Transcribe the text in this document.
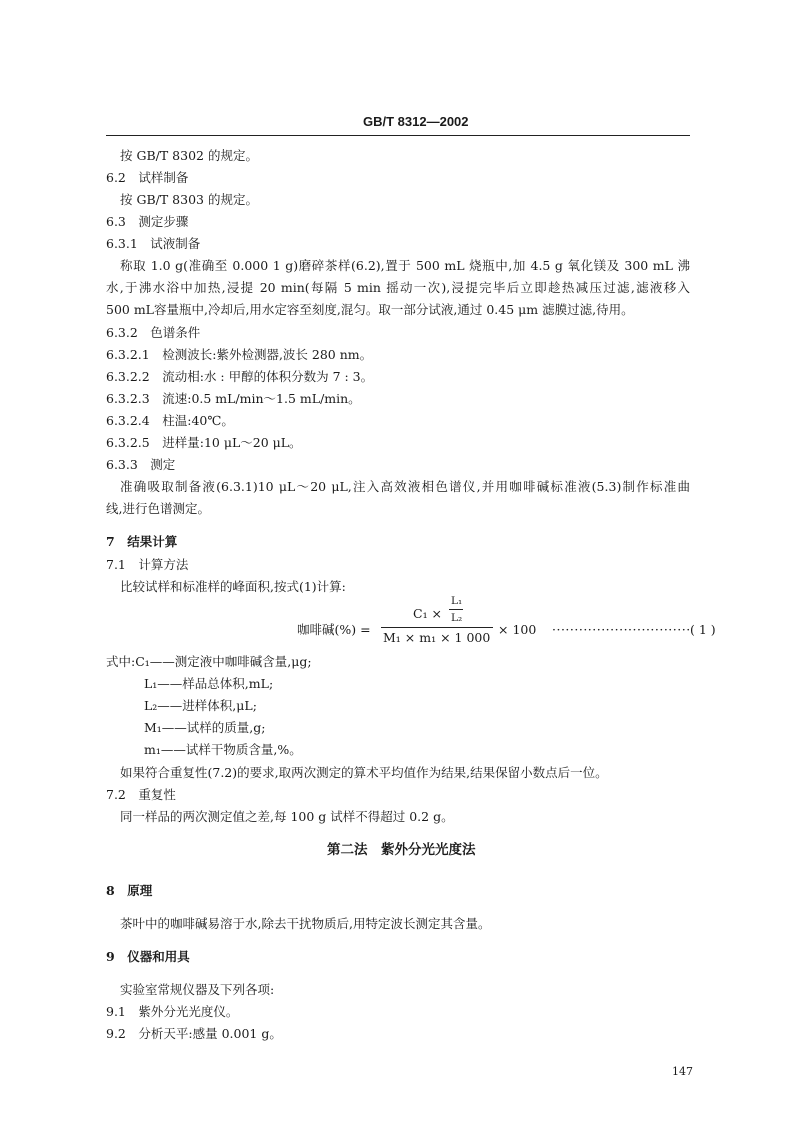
GB/T 8312—2002
按 GB/T 8302 的规定。
6.2　试样制备
按 GB/T 8303 的规定。
6.3　测定步骤
6.3.1　试液制备
称取 1.0 g(准确至 0.000 1 g)磨碎茶样(6.2),置于 500 mL 烧瓶中,加 4.5 g 氧化镁及 300 mL 沸
水,于沸水浴中加热,浸提 20 min(每隔 5 min 摇动一次),浸提完毕后立即趁热减压过滤,滤液移入
500 mL容量瓶中,冷却后,用水定容至刻度,混匀。取一部分试液,通过 0.45 μm 滤膜过滤,待用。
6.3.2　色谱条件
6.3.2.1　检测波长:紫外检测器,波长 280 nm。
6.3.2.2　流动相:水 : 甲醇的体积分数为 7 : 3。
6.3.2.3　流速:0.5 mL/min～1.5 mL/min。
6.3.2.4　柱温:40℃。
6.3.2.5　进样量:10 μL～20 μL。
6.3.3　测定
准确吸取制备液(6.3.1)10 μL～20 μL,注入高效液相色谱仪,并用咖啡碱标准液(5.3)制作标准曲
线,进行色谱测定。
7　结果计算
7.1　计算方法
比较试样和标准样的峰面积,按式(1)计算:
咖啡碱(%) =
C₁ ×
L₁
L₂
M₁ × m₁ × 1 000
× 100 ······························· ( 1 )
式中:C₁——测定液中咖啡碱含量,μg;
L₁——样品总体积,mL;
L₂——进样体积,μL;
M₁——试样的质量,g;
m₁——试样干物质含量,%。
如果符合重复性(7.2)的要求,取两次测定的算术平均值作为结果,结果保留小数点后一位。
7.2　重复性
同一样品的两次测定值之差,每 100 g 试样不得超过 0.2 g。
第二法　紫外分光光度法
8　原理
茶叶中的咖啡碱易溶于水,除去干扰物质后,用特定波长测定其含量。
9　仪器和用具
实验室常规仪器及下列各项:
9.1　紫外分光光度仪。
9.2　分析天平:感量 0.001 g。
147
